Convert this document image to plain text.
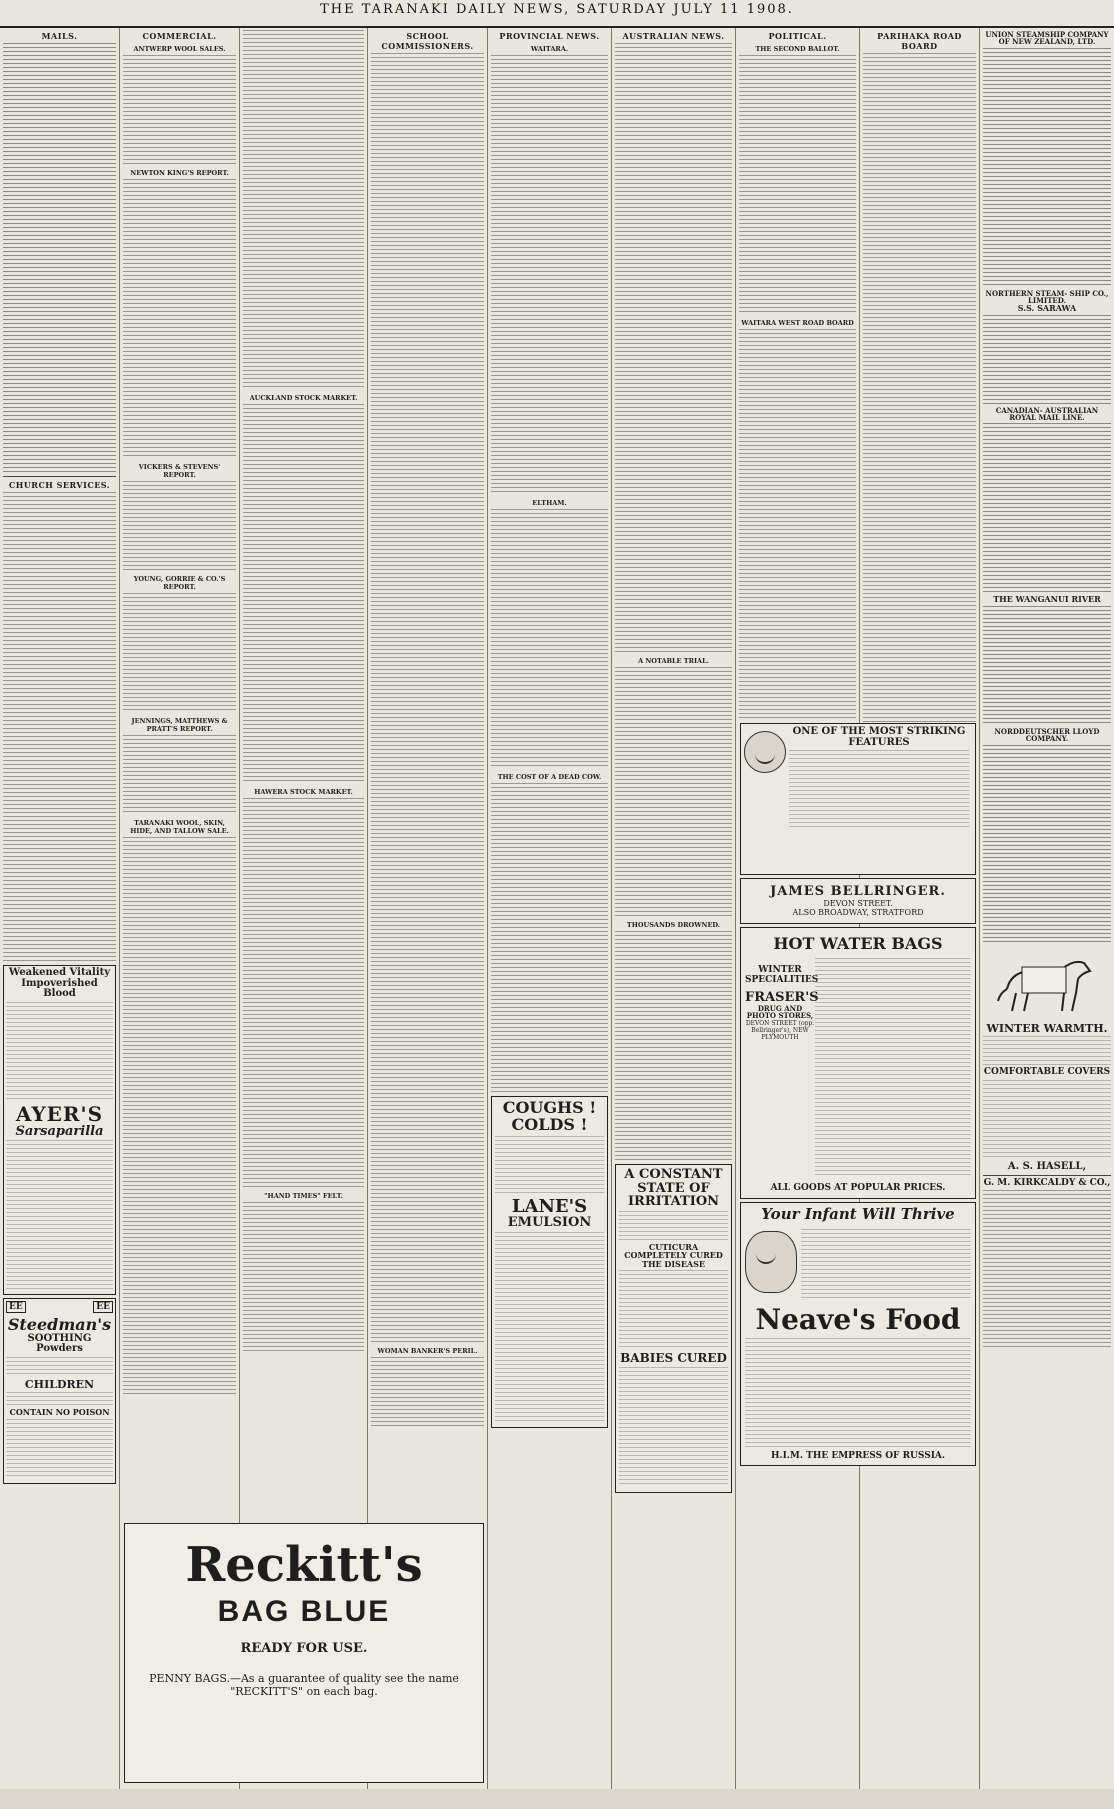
THE TARANAKI DAILY NEWS, SATURDAY JULY 11 1908.
MAILS.
CHURCH SERVICES.
Weakened Vitality Impoverished Blood
AYER'S
Sarsaparilla
EE	EE
Steedman's
SOOTHING Powders
CHILDREN
CONTAIN NO POISON
COMMERCIAL.
ANTWERP WOOL SALES.
NEWTON KING'S REPORT.
VICKERS & STEVENS' REPORT.
YOUNG, GORRIE & CO.'S REPORT.
JENNINGS, MATTHEWS & PRATT'S REPORT.
TARANAKI WOOL, SKIN, HIDE, AND TALLOW SALE.
AUCKLAND STOCK MARKET.
HAWERA STOCK MARKET.
"HAND TIMES" FELT.
SCHOOL COMMISSIONERS.
WOMAN BANKER'S PERIL.
Reckitt's
BAG BLUE
READY FOR USE.
PENNY BAGS.—As a guarantee of quality see the name "RECKITT'S" on each bag.
PROVINCIAL NEWS.
WAITARA.
ELTHAM.
THE COST OF A DEAD COW.
COUGHS ! COLDS !
LANE'S
EMULSION
AUSTRALIAN NEWS.
A NOTABLE TRIAL.
THOUSANDS DROWNED.
A CONSTANT STATE OF IRRITATION
CUTICURA COMPLETELY CURED THE DISEASE
BABIES CURED
POLITICAL.
THE SECOND BALLOT.
WAITARA WEST ROAD BOARD
PARIHAKA ROAD BOARD
ONE OF THE MOST STRIKING FEATURES
JAMES BELLRINGER.
DEVON STREET.
ALSO BROADWAY, STRATFORD
HOT WATER BAGS
WINTER SPECIALITIES
FRASER'S
DRUG AND PHOTO STORES,
DEVON STREET (opp. Bellringer's), NEW PLYMOUTH
ALL GOODS AT POPULAR PRICES.
Your Infant Will Thrive
Neave's Food
H.I.M. THE EMPRESS OF RUSSIA.
UNION STEAMSHIP COMPANY OF NEW ZEALAND, LTD.
NORTHERN STEAM- SHIP CO., LIMITED.
S.S. SARAWA
CANADIAN- AUSTRALIAN ROYAL MAIL LINE.
THE WANGANUI RIVER
NORDDEUTSCHER LLOYD COMPANY.
WINTER WARMTH.
COMFORTABLE COVERS
A. S. HASELL,
G. M. KIRKCALDY & CO.,
